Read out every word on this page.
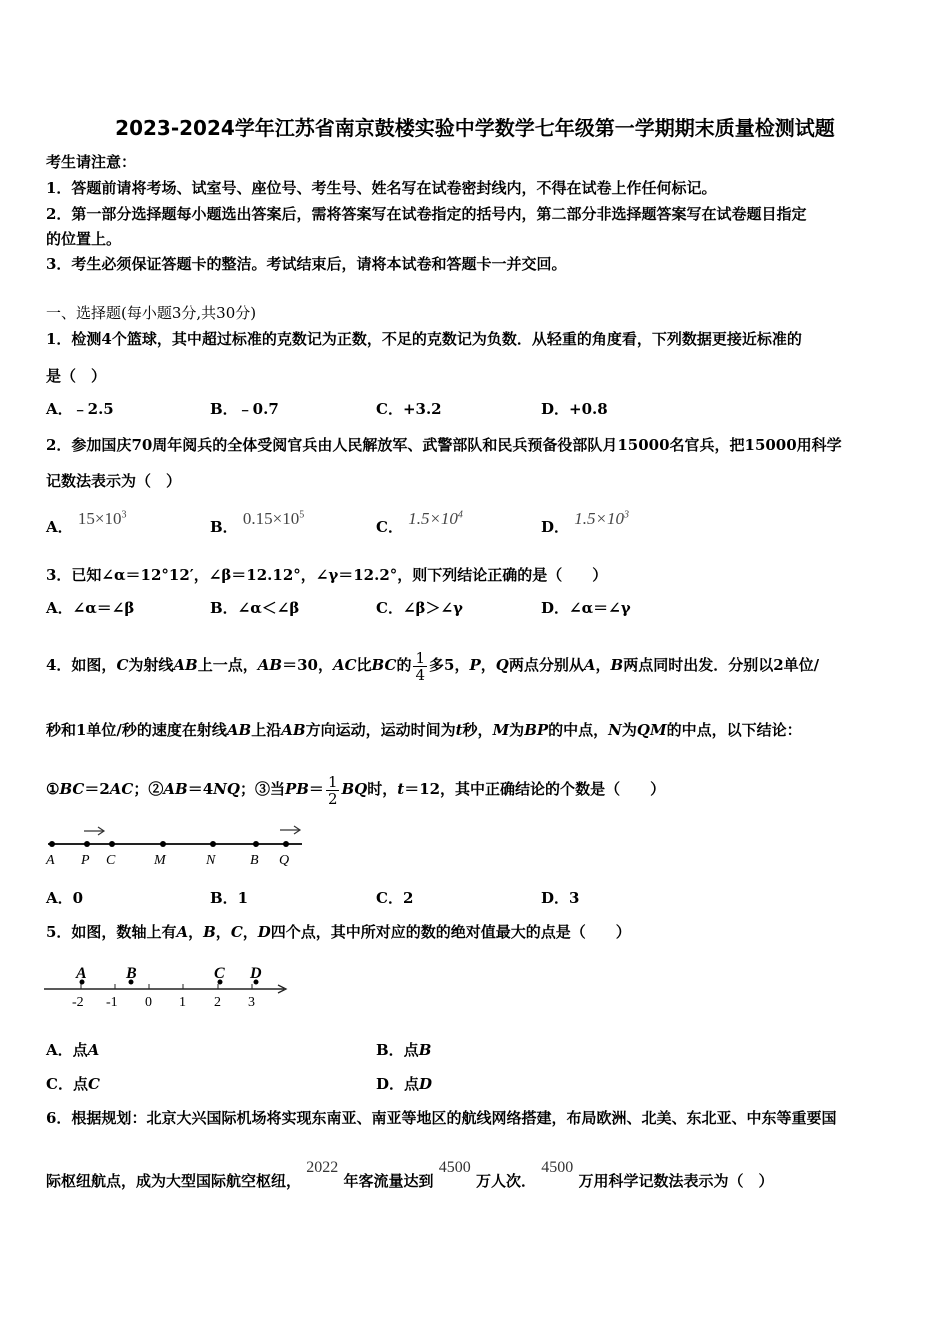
2023-2024学年江苏省南京鼓楼实验中学数学七年级第一学期期末质量检测试题
考生请注意：
1．答题前请将考场、试室号、座位号、考生号、姓名写在试卷密封线内，不得在试卷上作任何标记。
2．第一部分选择题每小题选出答案后，需将答案写在试卷指定的括号内，第二部分非选择题答案写在试卷题目指定
的位置上。
3．考生必须保证答题卡的整洁。考试结束后，请将本试卷和答题卡一并交回。
一、选择题(每小题3分,共30分)
1．检测4个篮球，其中超过标准的克数记为正数，不足的克数记为负数．从轻重的角度看，下列数据更接近标准的
是（　）
A．﹣2.5	B．﹣0.7	C．+3.2	D．+0.8
2．参加国庆70周年阅兵的全体受阅官兵由人民解放军、武警部队和民兵预备役部队月15000名官兵，把15000用科学
记数法表示为（　）
A． $15\times 10^3$
B． $0.15\times 10^5$
C． $1.5\times 10^4$
D． $1.5\times 10^3$
3．已知∠α＝12°12′，∠β＝12.12°，∠γ＝12.2°，则下列结论正确的是（　　）
A．∠α＝∠β	B．∠α＜∠β	C．∠β＞∠γ	D．∠α＝∠γ
4．如图，C为射线AB上一点，AB＝30，AC比BC的 $\frac{1}{4}$ 多5，P，Q两点分别从A，B两点同时出发．分别以2单位/
秒和1单位/秒的速度在射线AB上沿AB方向运动，运动时间为t秒，M为BP的中点，N为QM的中点，以下结论：
①BC＝2AC；②AB＝4NQ；③当$PB= \frac{1}{2}$ BQ时，t＝12，其中正确结论的个数是（　　）
A P C	M	N B Q
A．0	B．1	C．2	D．3
5．如图，数轴上有A，B，C，D四个点，其中所对应的数的绝对值最大的点是（　　）
-2 -1 0 1 2 3
A B	C D
A．点A	B．点B
C．点C	D．点D
6．根据规划：北京大兴国际机场将实现东南亚、南亚等地区的航线网络搭建，布局欧洲、北美、东北亚、中东等重要国
际枢纽航点，成为大型国际航空枢纽， 2022 年客流量达到 4500 万人次． 4500 万用科学记数法表示为（　）
